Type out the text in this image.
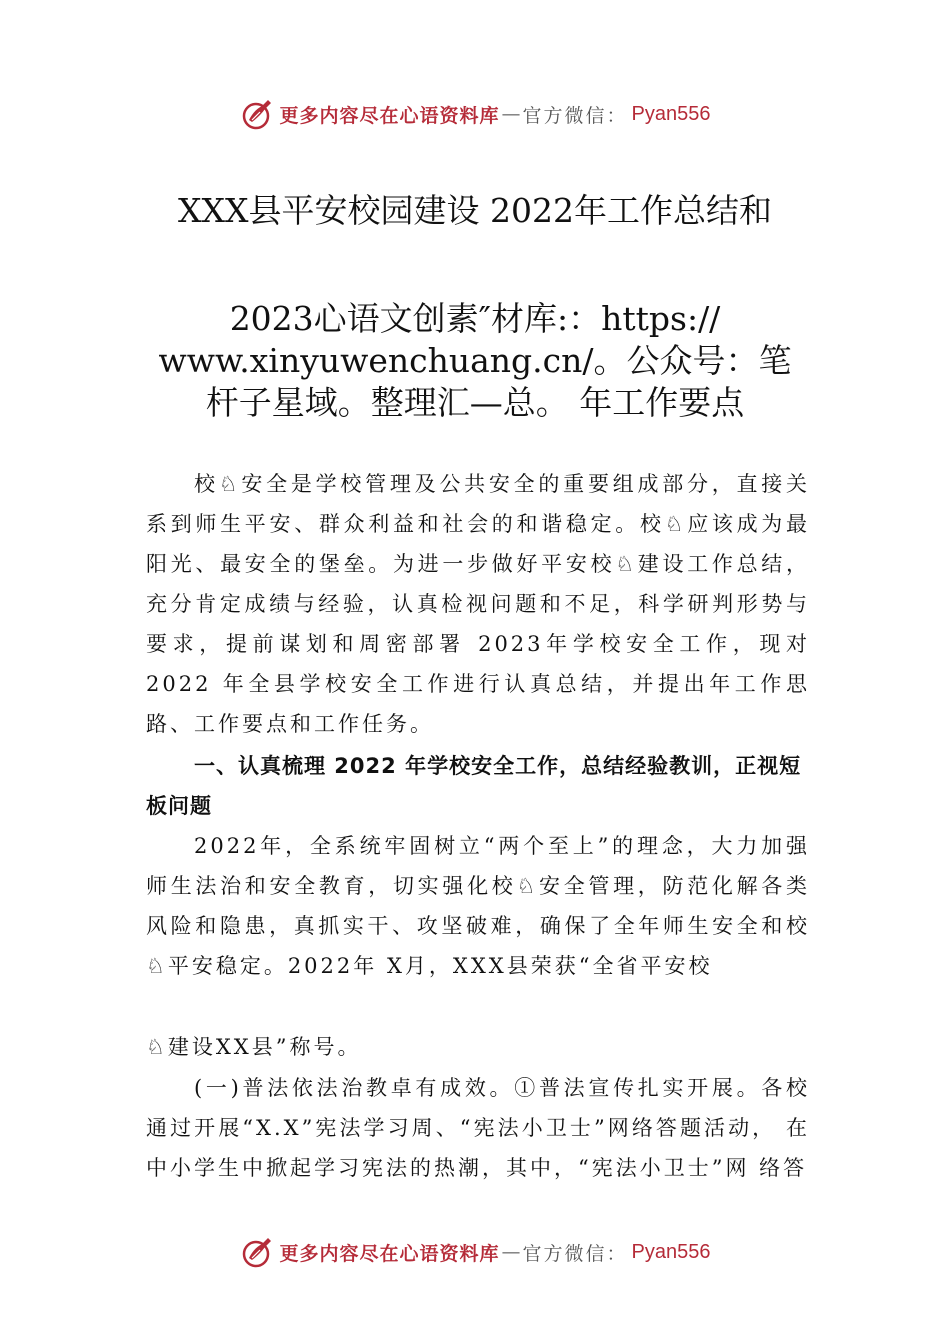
更多内容尽在心语资料库 — 官方微信： Pyan556
XXX县平安校园建设 2022年工作总结和
2023心语文创素″材库:：https:// www.xinyuwenchuang.cn/。公众号：笔杆子星域。整理汇—总。 年工作要点

校♘安全是学校管理及公共安全的重要组成部分，直接关系到师生平安、群众利益和社会的和谐稳定。校♘应该成为最阳光、最安全的堡垒。为进一步做好平安校♘建设工作总结，充分肯定成绩与经验，认真检视问题和不足，科学研判形势与要求，提前谋划和周密部署 2023年学校安全工作，现对 2022 年全县学校安全工作进行认真总结，并提出年工作思路、工作要点和工作任务。

一、认真梳理 2022 年学校安全工作，总结经验教训，正视短板问题

2022年，全系统牢固树立“两个至上”的理念，大力加强师生法治和安全教育，切实强化校♘安全管理，防范化解各类风险和隐患，真抓实干、攻坚破难，确保了全年师生安全和校♘平安稳定。2022年 X月，XXX县荣获“全省平安校

♘建设XX县”称号。

(一)普法依法治教卓有成效。①普法宣传扎实开展。各校通过开展“X.X”宪法学习周、“宪法小卫士”网络答题活动， 在中小学生中掀起学习宪法的热潮，其中，“宪法小卫士”网 络答

更多内容尽在心语资料库 — 官方微信： Pyan556
